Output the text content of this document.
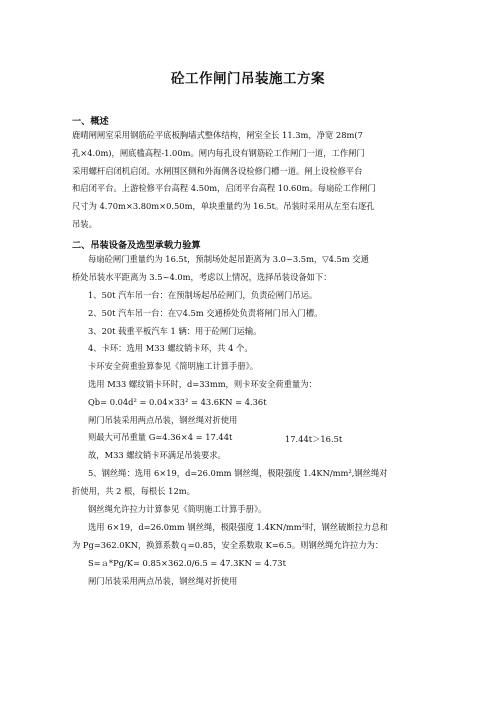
砼工作闸门吊装施工方案
一、概述
鹿晴闸闸室采用钢筋砼平底板胸墙式整体结构，闸室全长 11.3m，净宽 28m(7
孔×4.0m)，闸底槛高程-1.00m。闸内每孔设有钢筋砼工作闸门一道，工作闸门
采用螺杆启闭机启闭。水闸围区侧和外海侧各设检修门槽一道。闸上设检修平台
和启闭平台。上游检修平台高程 4.50m，启闭平台高程 10.60m。每扇砼工作闸门
尺寸为 4.70m×3.80m×0.50m，单块重量约为 16.5t。吊装时采用从左至右逐孔
吊装。
二、吊装设备及选型承载力验算
每扇砼闸门重量约为 16.5t，预制场处起吊距离为 3.0~3.5m，▽4.5m 交通
桥处吊装水平距离为 3.5~4.0m，考虑以上情况，选择吊装设备如下：
1、50t 汽车吊一台：在预制场起吊砼闸门，负责砼闸门吊运。
2、50t 汽车吊一台：在▽4.5m 交通桥处负责将闸门吊入门槽。
3、20t 载重平板汽车 1 辆：用于砼闸门运输。
4、卡环：选用 M33 螺纹销卡环，共 4 个。
卡环安全荷重验算参见《简明施工计算手册》。
选用 M33 螺纹销卡环时，d=33mm，则卡环安全荷重量为：
Qb= 0.04d² = 0.04×33² = 43.6KN = 4.36t
闸门吊装采用两点吊装，钢丝绳对折使用
则最大可吊重量 G=4.36×4 = 17.44t	17.44t＞16.5t
故，M33 螺纹销卡环满足吊装要求。
5、钢丝绳：选用 6×19，d=26.0mm 钢丝绳，极限强度 1.4KN/mm²,钢丝绳对
折使用，共 2 根，每根长 12m。
钢丝绳允许拉力计算参见《简明施工计算手册》。
选用 6×19，d=26.0mm 钢丝绳，极限强度 1.4KN/mm²时，钢丝破断拉力总和
为 Pg=362.0KN，换算系数ｑ=0.85，安全系数取 K=6.5。则钢丝绳允许拉力为：
S=ａ*Pg/K= 0.85×362.0/6.5 = 47.3KN = 4.73t
闸门吊装采用两点吊装，钢丝绳对折使用
